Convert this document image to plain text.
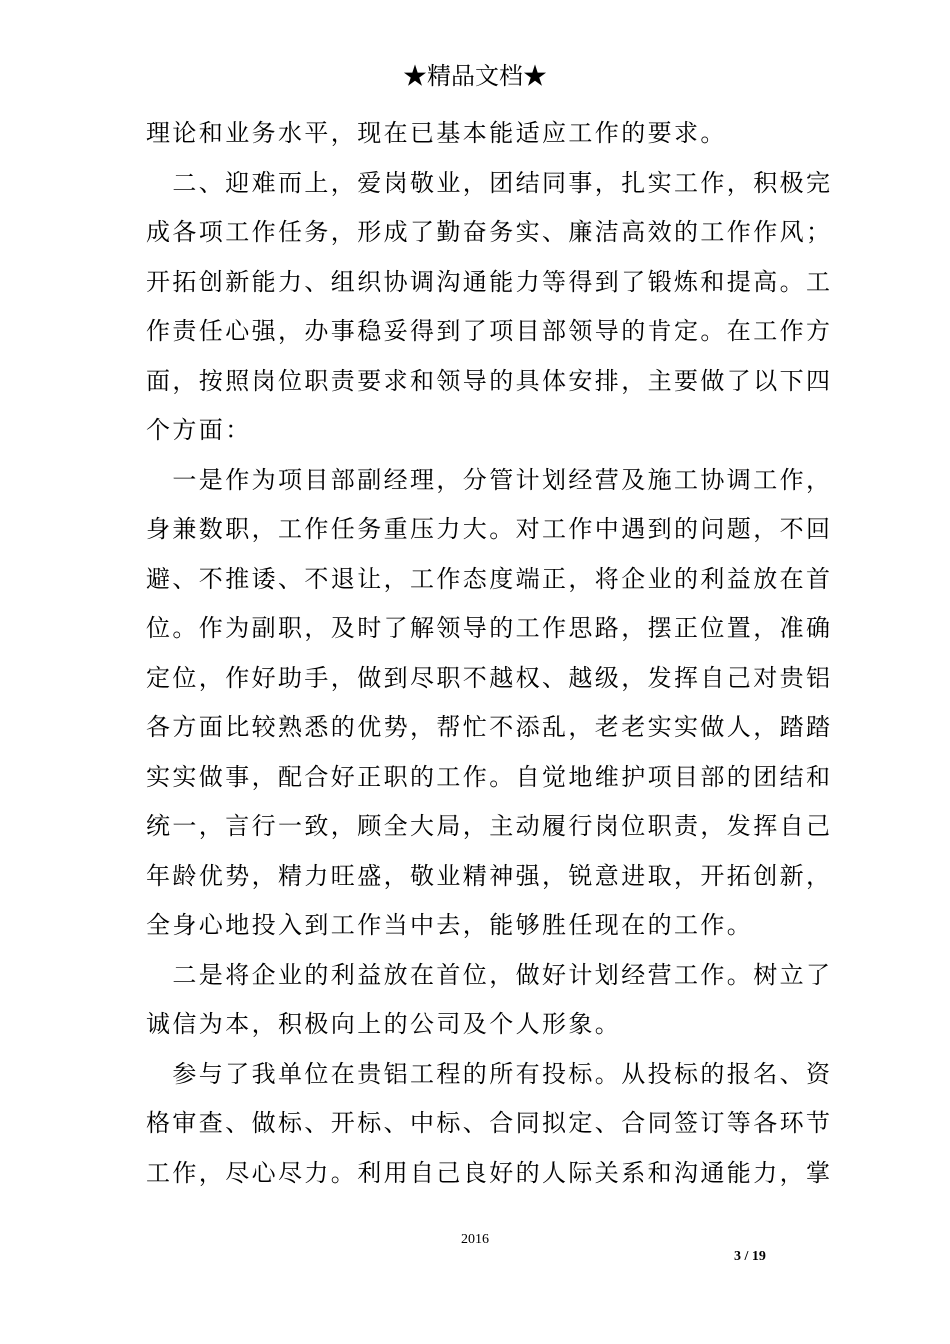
★精品文档★
理论和业务水平，现在已基本能适应工作的要求。
　二、迎难而上，爱岗敬业，团结同事，扎实工作，积极完
成各项工作任务，形成了勤奋务实、廉洁高效的工作作风；
开拓创新能力、组织协调沟通能力等得到了锻炼和提高。工
作责任心强，办事稳妥得到了项目部领导的肯定。在工作方
面，按照岗位职责要求和领导的具体安排，主要做了以下四
个方面：
　一是作为项目部副经理，分管计划经营及施工协调工作，
身兼数职，工作任务重压力大。对工作中遇到的问题，不回
避、不推诿、不退让，工作态度端正，将企业的利益放在首
位。作为副职，及时了解领导的工作思路，摆正位置，准确
定位，作好助手，做到尽职不越权、越级，发挥自己对贵铝
各方面比较熟悉的优势，帮忙不添乱，老老实实做人，踏踏
实实做事，配合好正职的工作。自觉地维护项目部的团结和
统一，言行一致，顾全大局，主动履行岗位职责，发挥自己
年龄优势，精力旺盛，敬业精神强，锐意进取，开拓创新，
全身心地投入到工作当中去，能够胜任现在的工作。
　二是将企业的利益放在首位，做好计划经营工作。树立了
诚信为本，积极向上的公司及个人形象。
　参与了我单位在贵铝工程的所有投标。从投标的报名、资
格审查、做标、开标、中标、合同拟定、合同签订等各环节
工作，尽心尽力。利用自己良好的人际关系和沟通能力，掌
2016
3 / 19
